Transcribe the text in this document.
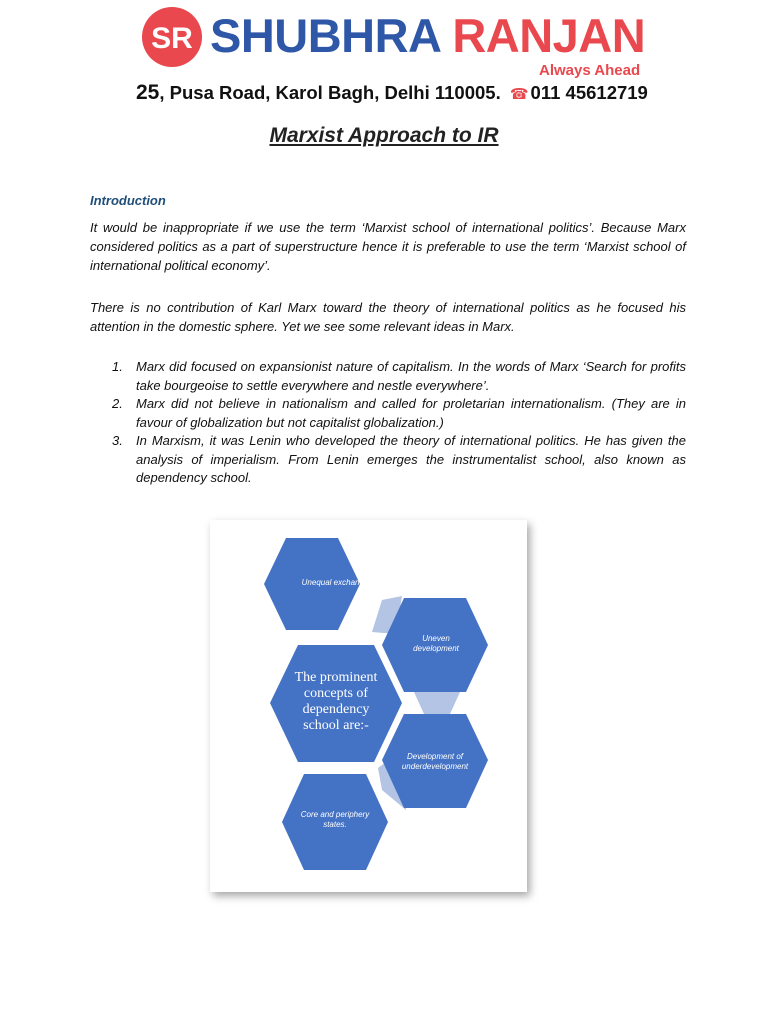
SR SHUBHRA RANJAN
Always Ahead
25, Pusa Road, Karol Bagh, Delhi 110005. ☎ 011 45612719
Marxist Approach to IR
Introduction

It would be inappropriate if we use the term ‘Marxist school of international politics’. Because Marx considered politics as a part of superstructure hence it is preferable to use the term ‘Marxist school of international political economy’.

There is no contribution of Karl Marx toward the theory of international politics as he focused his attention in the domestic sphere. Yet we see some relevant ideas in Marx.

1. Marx did focused on expansionist nature of capitalism. In the words of Marx ‘Search for profits take bourgeoise to settle everywhere and nestle everywhere’.
2. Marx did not believe in nationalism and called for proletarian internationalism. (They are in favour of globalization but not capitalist globalization.)
3. In Marxism, it was Lenin who developed the theory of international politics. He has given the analysis of imperialism. From Lenin emerges the instrumentalist school, also known as dependency school.
Unequal exchange
Uneven development
The prominent concepts of dependency school are:-
Development of underdevelopment
Core and periphery states.
